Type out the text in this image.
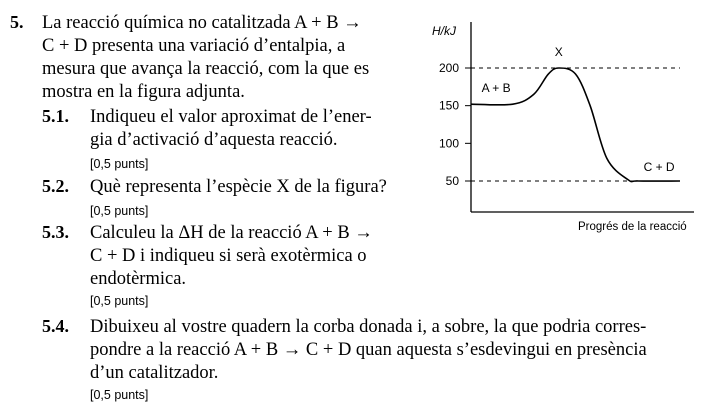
5. La reacció química no catalitzada A + B →
C + D presenta una variació d’entalpia, a
mesura que avança la reacció, com la que es
mostra en la figura adjunta.
5.1. Indiqueu el valor aproximat de l’ener-
gia d’activació d’aquesta reacció.
[0,5 punts]
5.2. Què representa l’espècie X de la figura?
[0,5 punts]
5.3. Calculeu la ΔH de la reacció A + B →
C + D i indiqueu si serà exotèrmica o
endotèrmica.
[0,5 punts]
5.4. Dibuixeu al vostre quadern la corba donada i, a sobre, la que podria corres-
pondre a la reacció A + B → C + D quan aquesta s’esdevingui en presència
d’un catalitzador.
[0,5 punts]
H/kJ
Progrés de la reacció
50
100
150
200
A + B
X
C + D
